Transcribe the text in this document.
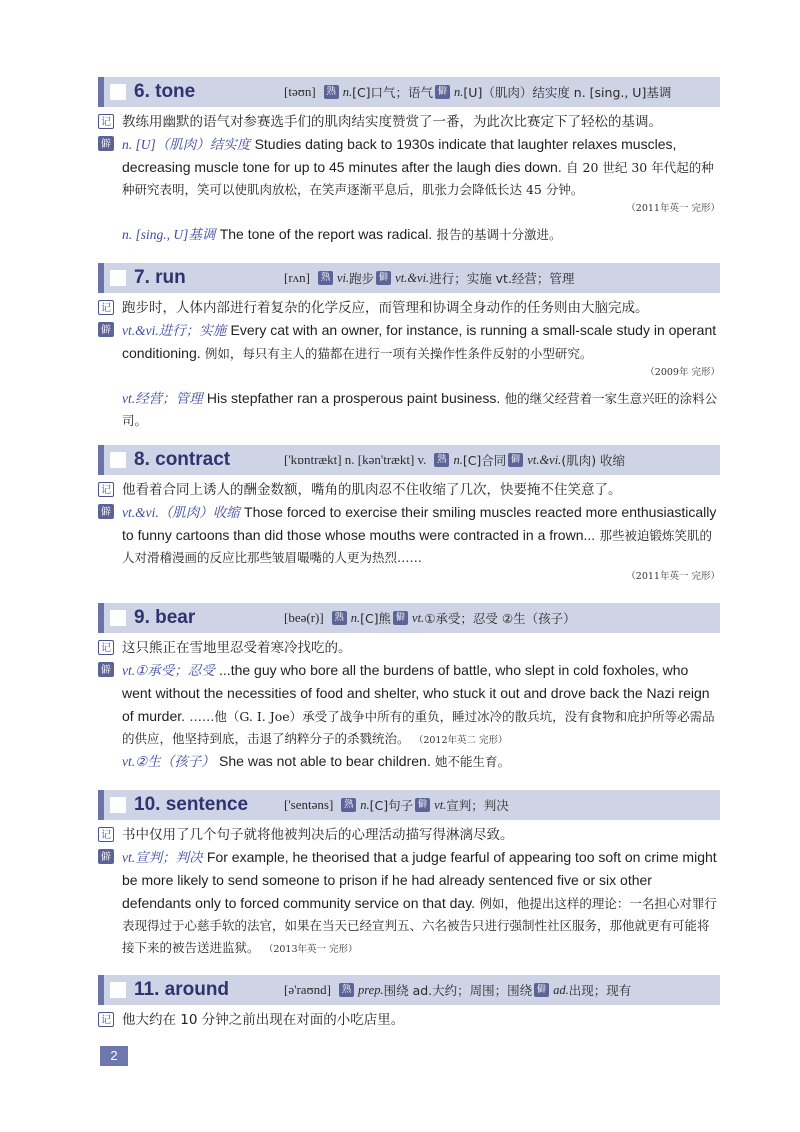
6. tone	[təʊn] 熟 n. [C]口气；语气 僻 n. [U]（肌肉）结实度 n. [sing., U]基调
记 教练用幽默的语气对参赛选手们的肌肉结实度赞赏了一番，为此次比赛定下了轻松的基调。
僻 n. [U]（肌肉）结实度 Studies dating back to 1930s indicate that laughter relaxes muscles, decreasing muscle tone for up to 45 minutes after the laugh dies down. 自 20 世纪 30 年代起的种种研究表明，笑可以使肌肉放松，在笑声逐渐平息后，肌张力会降低长达 45 分钟。
（2011年英一 完形）
n. [sing., U]基调 The tone of the report was radical. 报告的基调十分激进。
7. run	[rʌn] 熟 vi. 跑步 僻 vt.&vi. 进行；实施 vt.经营；管理
记 跑步时，人体内部进行着复杂的化学反应，而管理和协调全身动作的任务则由大脑完成。
僻 vt.&vi.进行；实施 Every cat with an owner, for instance, is running a small-scale study in operant conditioning. 例如，每只有主人的猫都在进行一项有关操作性条件反射的小型研究。
（2009年 完形）
vt.经营；管理 His stepfather ran a prosperous paint business. 他的继父经营着一家生意兴旺的涂料公司。
8. contract	['kɒntrækt] n. [kən'trækt] v. 熟 n. [C]合同 僻 vt.&vi. (肌肉) 收缩
记 他看着合同上诱人的酬金数额，嘴角的肌肉忍不住收缩了几次，快要掩不住笑意了。
僻 vt.&vi.（肌肉）收缩 Those forced to exercise their smiling muscles reacted more enthusiastically to funny cartoons than did those whose mouths were contracted in a frown... 那些被迫锻炼笑肌的人对滑稽漫画的反应比那些皱眉嘬嘴的人更为热烈……
（2011年英一 完形）
9. bear	[beə(r)] 熟 n. [C]熊 僻 vt. ①承受；忍受 ②生（孩子）
记 这只熊正在雪地里忍受着寒冷找吃的。
僻 vt.①承受；忍受 ...the guy who bore all the burdens of battle, who slept in cold foxholes, who went without the necessities of food and shelter, who stuck it out and drove back the Nazi reign of murder. ……他（G. I. Joe）承受了战争中所有的重负，睡过冰冷的散兵坑，没有食物和庇护所等必需品的供应，他坚持到底，击退了纳粹分子的杀戮统治。 （2012年英二 完形）
vt.②生（孩子） She was not able to bear children. 她不能生育。
10. sentence	['sentəns] 熟 n. [C]句子 僻 vt. 宣判；判决
记 书中仅用了几个句子就将他被判决后的心理活动描写得淋漓尽致。
僻 vt.宣判；判决 For example, he theorised that a judge fearful of appearing too soft on crime might be more likely to send someone to prison if he had already sentenced five or six other defendants only to forced community service on that day. 例如，他提出这样的理论：一名担心对罪行表现得过于心慈手软的法官，如果在当天已经宣判五、六名被告只进行强制性社区服务，那他就更有可能将接下来的被告送进监狱。 （2013年英一 完形）
11. around	[ə'raʊnd] 熟 prep. 围绕 ad.大约；周围；围绕 僻 ad. 出现；现有
记 他大约在 10 分钟之前出现在对面的小吃店里。
2
